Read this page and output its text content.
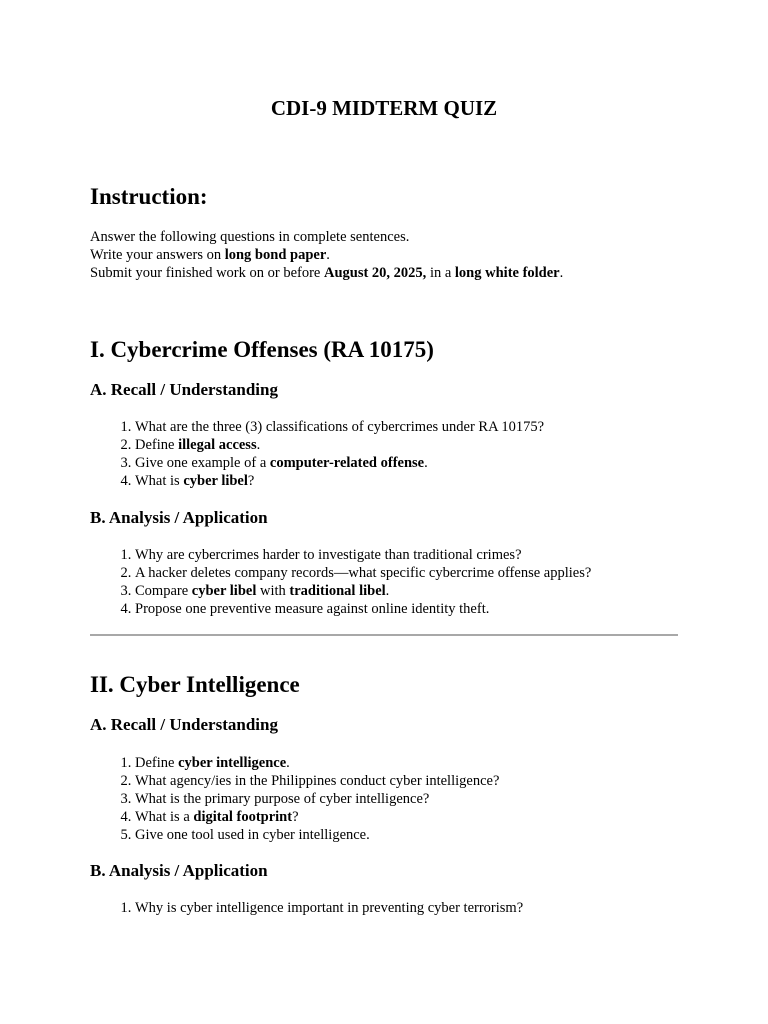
CDI-9 MIDTERM QUIZ
Instruction:
Answer the following questions in complete sentences.
Write your answers on long bond paper.
Submit your finished work on or before August 20, 2025, in a long white folder.
I. Cybercrime Offenses (RA 10175)
A. Recall / Understanding
1. What are the three (3) classifications of cybercrimes under RA 10175?
2. Define illegal access.
3. Give one example of a computer-related offense.
4. What is cyber libel?
B. Analysis / Application
1. Why are cybercrimes harder to investigate than traditional crimes?
2. A hacker deletes company records—what specific cybercrime offense applies?
3. Compare cyber libel with traditional libel.
4. Propose one preventive measure against online identity theft.
II. Cyber Intelligence
A. Recall / Understanding
1. Define cyber intelligence.
2. What agency/ies in the Philippines conduct cyber intelligence?
3. What is the primary purpose of cyber intelligence?
4. What is a digital footprint?
5. Give one tool used in cyber intelligence.
B. Analysis / Application
1. Why is cyber intelligence important in preventing cyber terrorism?
